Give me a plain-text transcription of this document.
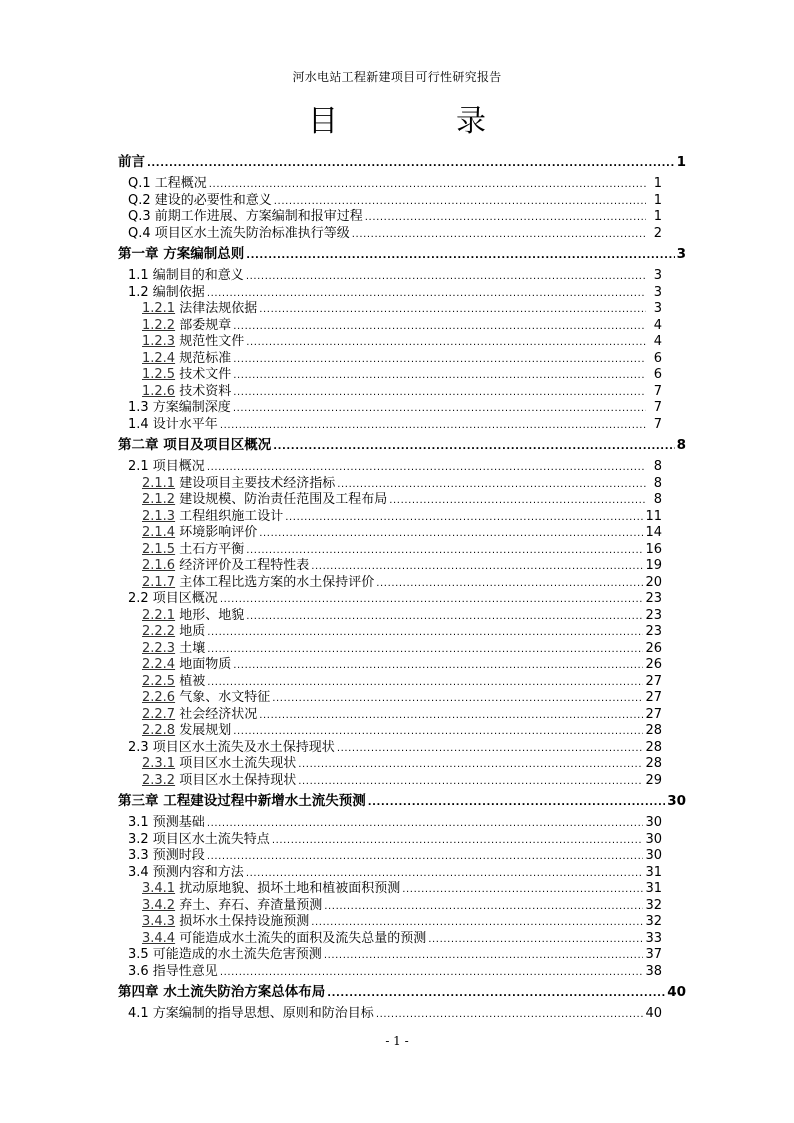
河水电站工程新建项目可行性研究报告
目　录
前言 .....	1
Q.1 工程概况 .....	1
Q.2 建设的必要性和意义 .....	1
Q.3 前期工作进展、方案编制和报审过程 .....	1
Q.4 项目区水土流失防治标准执行等级 .....	2
第一章 方案编制总则 .....	3
1.1 编制目的和意义 .....	3
1.2 编制依据 .....	3
1.2.1 法律法规依据 .....	3
1.2.2 部委规章 .....	4
1.2.3 规范性文件 .....	4
1.2.4 规范标准 .....	6
1.2.5 技术文件 .....	6
1.2.6 技术资料 .....	7
1.3 方案编制深度 .....	7
1.4 设计水平年 .....	7
第二章 项目及项目区概况 .....	8
2.1 项目概况 .....	8
2.1.1 建设项目主要技术经济指标 .....	8
2.1.2 建设规模、防治责任范围及工程布局 .....	8
2.1.3 工程组织施工设计 .....	11
2.1.4 环境影响评价 .....	14
2.1.5 土石方平衡 .....	16
2.1.6 经济评价及工程特性表 .....	19
2.1.7 主体工程比选方案的水土保持评价 .....	20
2.2 项目区概况 .....	23
2.2.1 地形、地貌 .....	23
2.2.2 地质 .....	23
2.2.3 土壤 .....	26
2.2.4 地面物质 .....	26
2.2.5 植被 .....	27
2.2.6 气象、水文特征 .....	27
2.2.7 社会经济状况 .....	27
2.2.8 发展规划 .....	28
2.3 项目区水土流失及水土保持现状 .....	28
2.3.1 项目区水土流失现状 .....	28
2.3.2 项目区水土保持现状 .....	29
第三章 工程建设过程中新增水土流失预测 .....	30
3.1 预测基础 .....	30
3.2 项目区水土流失特点 .....	30
3.3 预测时段 .....	30
3.4 预测内容和方法 .....	31
3.4.1 扰动原地貌、损坏土地和植被面积预测 .....	31
3.4.2 弃土、弃石、弃渣量预测 .....	32
3.4.3 损坏水土保持设施预测 .....	32
3.4.4 可能造成水土流失的面积及流失总量的预测 .....	33
3.5 可能造成的水土流失危害预测 .....	37
3.6 指导性意见 .....	38
第四章 水土流失防治方案总体布局 .....	40
4.1 方案编制的指导思想、原则和防治目标 .....	40
- 1 -
